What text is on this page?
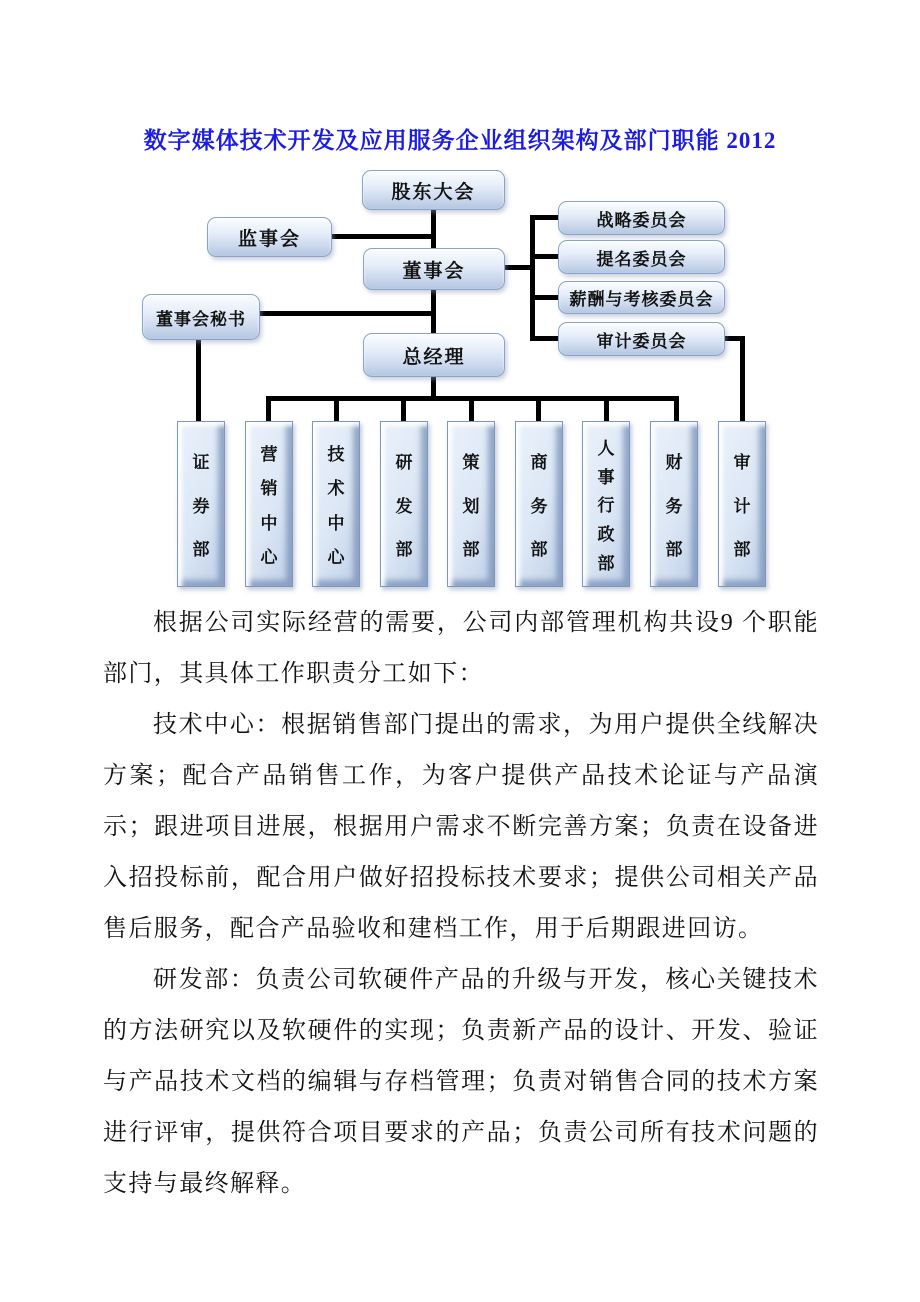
数字媒体技术开发及应用服务企业组织架构及部门职能 2012
股东大会
监事会
董事会
董事会秘书
总经理
战略委员会
提名委员会
薪酬与考核委员会
审计委员会
证
券
部
营
销
中
心
技
术
中
心
研
发
部
策
划
部
商
务
部
人
事
行
政
部
财
务
部
审
计
部

根据公司实际经营的需要，公司内部管理机构共设9 个职能部门，其具体工作职责分工如下：

技术中心：根据销售部门提出的需求，为用户提供全线解决方案；配合产品销售工作，为客户提供产品技术论证与产品演示；跟进项目进展，根据用户需求不断完善方案；负责在设备进入招投标前，配合用户做好招投标技术要求；提供公司相关产品售后服务，配合产品验收和建档工作，用于后期跟进回访。

研发部：负责公司软硬件产品的升级与开发，核心关键技术的方法研究以及软硬件的实现；负责新产品的设计、开发、验证与产品技术文档的编辑与存档管理；负责对销售合同的技术方案进行评审，提供符合项目要求的产品；负责公司所有技术问题的支持与最终解释。
